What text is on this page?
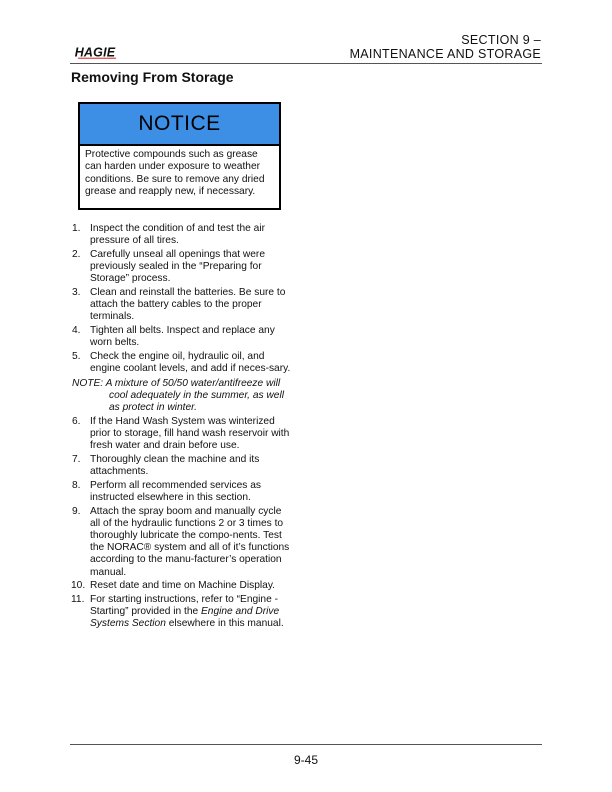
HAGIE
SECTION 9 –
MAINTENANCE AND STORAGE
Removing From Storage
NOTICE
Protective compounds such as grease can harden under exposure to weather conditions. Be sure to remove any dried grease and reapply new, if necessary.
1. Inspect the condition of and test the air pressure of all tires.
2. Carefully unseal all openings that were previously sealed in the “Preparing for Storage” process.
3. Clean and reinstall the batteries. Be sure to attach the battery cables to the proper terminals.
4. Tighten all belts. Inspect and replace any worn belts.
5. Check the engine oil, hydraulic oil, and engine coolant levels, and add if neces-sary.
NOTE: A mixture of 50/50 water/antifreeze will cool adequately in the summer, as well as protect in winter.
6. If the Hand Wash System was winterized prior to storage, fill hand wash reservoir with fresh water and drain before use.
7. Thoroughly clean the machine and its attachments.
8. Perform all recommended services as instructed elsewhere in this section.
9. Attach the spray boom and manually cycle all of the hydraulic functions 2 or 3 times to thoroughly lubricate the compo-nents. Test the NORAC® system and all of it’s functions according to the manu-facturer’s operation manual.
10. Reset date and time on Machine Display.
11. For starting instructions, refer to “Engine - Starting” provided in the Engine and Drive Systems Section elsewhere in this manual.
9-45
